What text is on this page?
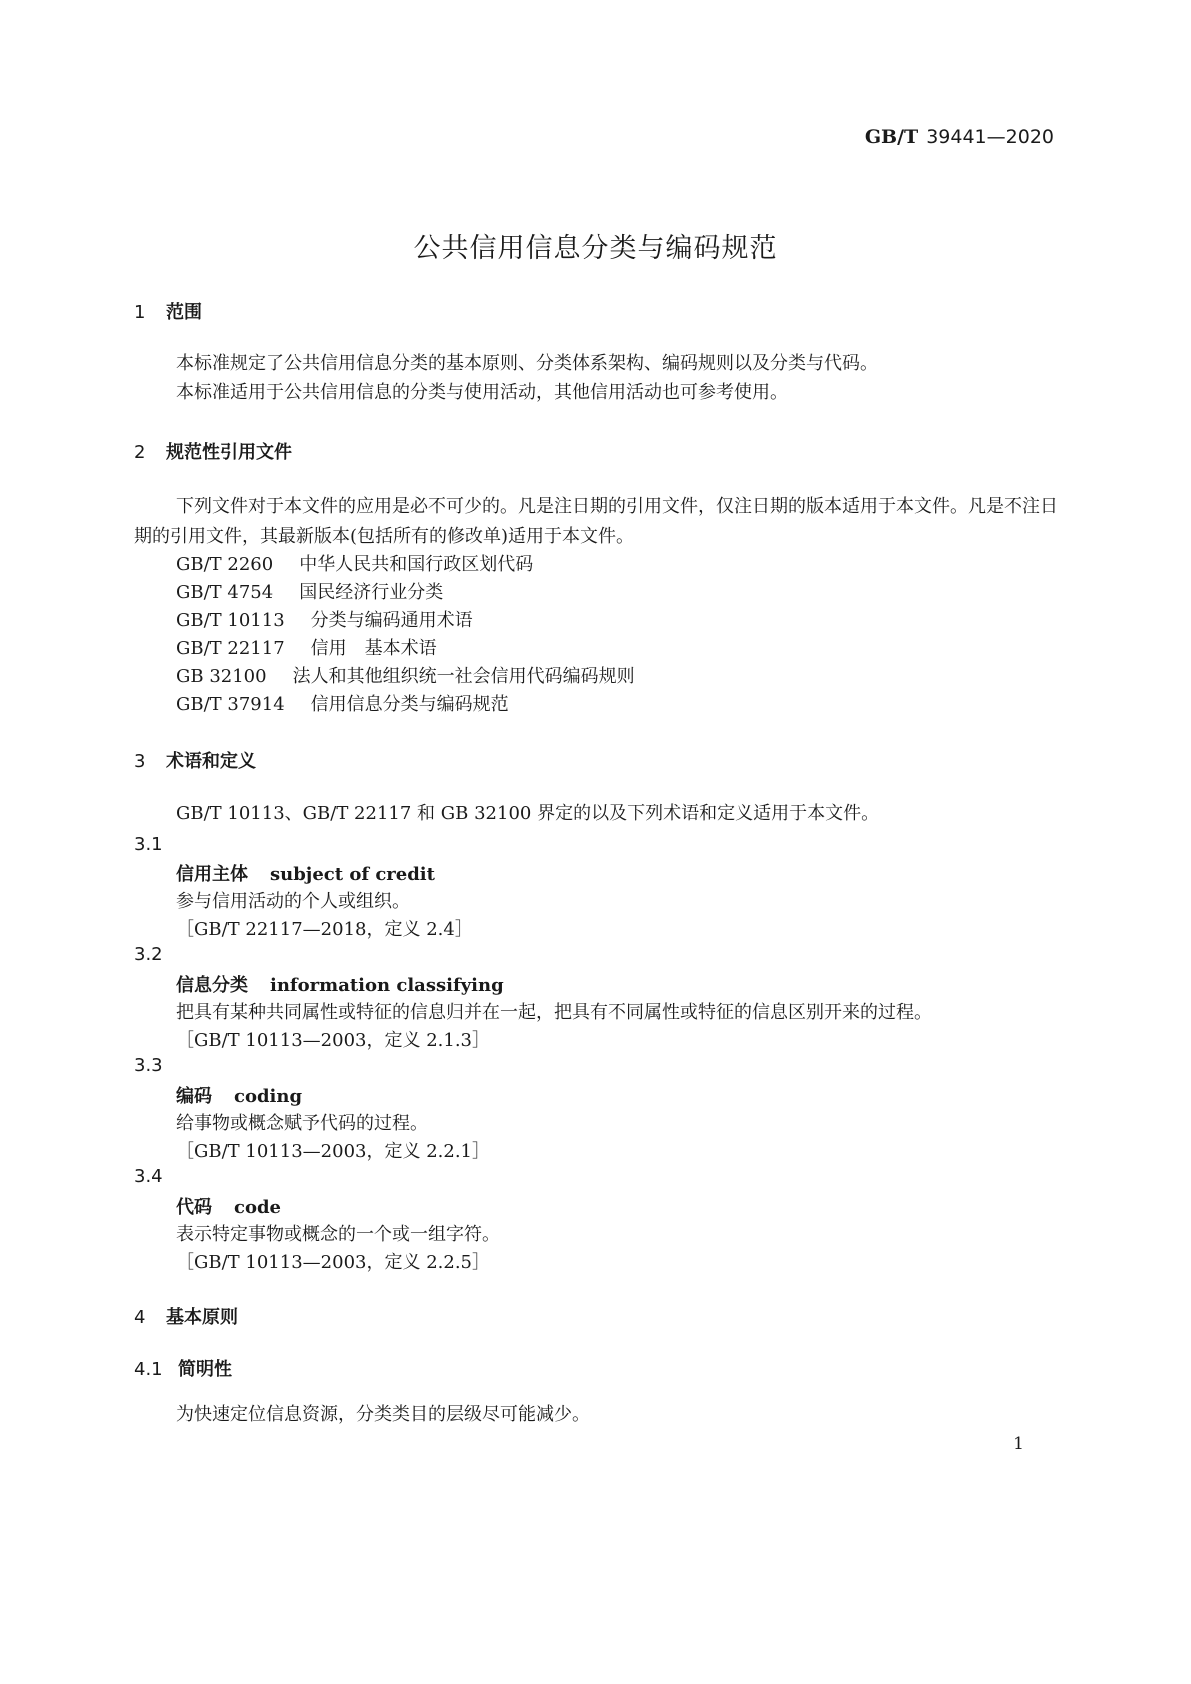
GB/T 39441—2020
公共信用信息分类与编码规范
1 范围
本标准规定了公共信用信息分类的基本原则、分类体系架构、编码规则以及分类与代码。
本标准适用于公共信用信息的分类与使用活动，其他信用活动也可参考使用。
2 规范性引用文件
下列文件对于本文件的应用是必不可少的。凡是注日期的引用文件，仅注日期的版本适用于本文件。凡是不注日期的引用文件，其最新版本(包括所有的修改单)适用于本文件。
GB/T 2260 中华人民共和国行政区划代码
GB/T 4754 国民经济行业分类
GB/T 10113 分类与编码通用术语
GB/T 22117 信用　基本术语
GB 32100 法人和其他组织统一社会信用代码编码规则
GB/T 37914 信用信息分类与编码规范
3 术语和定义
GB/T 10113、GB/T 22117 和 GB 32100 界定的以及下列术语和定义适用于本文件。
3.1
信用主体 subject of credit
参与信用活动的个人或组织。
［GB/T 22117—2018，定义 2.4］
3.2
信息分类 information classifying
把具有某种共同属性或特征的信息归并在一起，把具有不同属性或特征的信息区别开来的过程。
［GB/T 10113—2003，定义 2.1.3］
3.3
编码 coding
给事物或概念赋予代码的过程。
［GB/T 10113—2003，定义 2.2.1］
3.4
代码 code
表示特定事物或概念的一个或一组字符。
［GB/T 10113—2003，定义 2.2.5］
4 基本原则
4.1 简明性
为快速定位信息资源，分类类目的层级尽可能减少。
1
